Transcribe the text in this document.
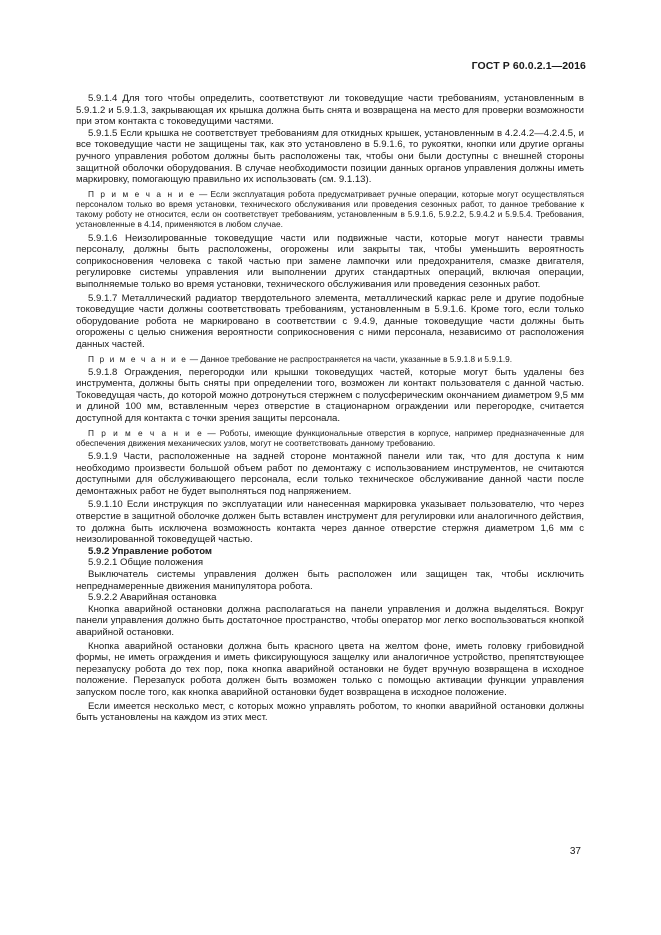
ГОСТ Р 60.0.2.1—2016

5.9.1.4 Для того чтобы определить, соответствуют ли токоведущие части требованиям, установленным в 5.9.1.2 и 5.9.1.3, закрывающая их крышка должна быть снята и возвращена на место для проверки возможности при этом контакта с токоведущими частями.

5.9.1.5 Если крышка не соответствует требованиям для откидных крышек, установленным в 4.2.4.2—4.2.4.5, и все токоведущие части не защищены так, как это установлено в 5.9.1.6, то рукоятки, кнопки или другие органы ручного управления роботом должны быть расположены так, чтобы они были доступны с внешней стороны защитной оболочки оборудования. В случае необходимости позиции данных органов управления должны иметь маркировку, помогающую правильно их использовать (см. 9.1.13).

П р и м е ч а н и е — Если эксплуатация робота предусматривает ручные операции, которые могут осуществляться персоналом только во время установки, технического обслуживания или проведения сезонных работ, то данное требование к такому роботу не относится, если он соответствует требованиям, установленным в 5.9.1.6, 5.9.2.2, 5.9.4.2 и 5.9.5.4. Требования, установленные в 4.14, применяются в любом случае.

5.9.1.6 Неизолированные токоведущие части или подвижные части, которые могут нанести травмы персоналу, должны быть расположены, огорожены или закрыты так, чтобы уменьшить вероятность соприкосновения человека с такой частью при замене лампочки или предохранителя, смазке двигателя, регулировке системы управления или выполнении других стандартных операций, включая операции, выполняемые только во время установки, технического обслуживания или проведения сезонных работ.

5.9.1.7 Металлический радиатор твердотельного элемента, металлический каркас реле и другие подобные токоведущие части должны соответствовать требованиям, установленным в 5.9.1.6. Кроме того, если только оборудование робота не маркировано в соответствии с 9.4.9, данные токоведущие части должны быть огорожены с целью снижения вероятности соприкосновения с ними персонала, независимо от расположения данных частей.

П р и м е ч а н и е — Данное требование не распространяется на части, указанные в 5.9.1.8 и 5.9.1.9.

5.9.1.8 Ограждения, перегородки или крышки токоведущих частей, которые могут быть удалены без инструмента, должны быть сняты при определении того, возможен ли контакт пользователя с данной частью. Токоведущая часть, до которой можно дотронуться стержнем с полусферическим окончанием диаметром 9,5 мм и длиной 100 мм, вставленным через отверстие в стационарном ограждении или перегородке, считается доступной для контакта с точки зрения защиты персонала.

П р и м е ч а н и е — Роботы, имеющие функциональные отверстия в корпусе, например предназначенные для обеспечения движения механических узлов, могут не соответствовать данному требованию.

5.9.1.9 Части, расположенные на задней стороне монтажной панели или так, что для доступа к ним необходимо произвести большой объем работ по демонтажу с использованием инструментов, не считаются доступными для обслуживающего персонала, если только техническое обслуживание данной части после демонтажных работ не будет выполняться под напряжением.

5.9.1.10 Если инструкция по эксплуатации или нанесенная маркировка указывает пользователю, что через отверстие в защитной оболочке должен быть вставлен инструмент для регулировки или аналогичного действия, то должна быть исключена возможность контакта через данное отверстие стержня диаметром 1,6 мм с неизолированной токоведущей частью.

5.9.2 Управление роботом

5.9.2.1 Общие положения

Выключатель системы управления должен быть расположен или защищен так, чтобы исключить непреднамеренные движения манипулятора робота.

5.9.2.2 Аварийная остановка

Кнопка аварийной остановки должна располагаться на панели управления и должна выделяться. Вокруг панели управления должно быть достаточное пространство, чтобы оператор мог легко воспользоваться кнопкой аварийной остановки.

Кнопка аварийной остановки должна быть красного цвета на желтом фоне, иметь головку грибовидной формы, не иметь ограждения и иметь фиксирующуюся защелку или аналогичное устройство, препятствующее перезапуску робота до тех пор, пока кнопка аварийной остановки не будет вручную возвращена в исходное положение. Перезапуск робота должен быть возможен только с помощью активации функции управления запуском после того, как кнопка аварийной остановки будет возвращена в исходное положение.

Если имеется несколько мест, с которых можно управлять роботом, то кнопки аварийной остановки должны быть установлены на каждом из этих мест.

37
